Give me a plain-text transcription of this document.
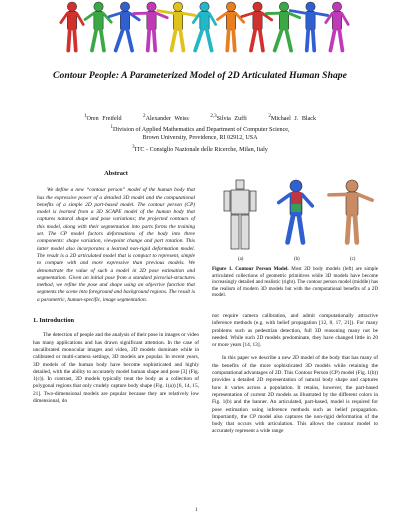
Contour People: A Parameterized Model of 2D Articulated Human Shape
$^1$Oren Freifeld $^2$Alexander Weiss $^{2,3}$Silvia Zuffi $^2$Michael J. Black
$^1$Division of Applied Mathematics and Department of Computer Science,
Brown University, Providence, RI 02912, USA
$^3$ITC - Consiglio Nazionale delle Ricerche, Milan, Italy
Abstract

We define a new “contour person” model of the human body that has the expressive power of a detailed 3D model and the computational benefits of a simple 2D part-based model. The contour person (CP) model is learned from a 3D SCAPE model of the human body that captures natural shape and pose variations; the projected contours of this model, along with their segmentation into parts forms the training set. The CP model factors deformations of the body into three components: shape variation, viewpoint change and part rotation. This latter model also incorporates a learned non-rigid deformation model. The result is a 2D articulated model that is compact to represent, simple to compute with and more expressive than previous models. We demonstrate the value of such a model in 2D pose estimation and segmentation. Given an initial pose from a standard pictorial-structures method, we refine the pose and shape using an objective function that segments the scene into foreground and background regions. The result is a parametric, human-specific, image segmentation.

1. Introduction

The detection of people and the analysis of their pose in images or video has many applications and has drawn significant attention. In the case of uncalibrated monocular images and video, 2D models dominate while in calibrated or multi-camera settings, 3D models are popular. In recent years, 3D models of the human body have become sophisticated and highly detailed, with the ability to accurately model human shape and pose [3] (Fig. 1(c)). In contrast, 2D models typically treat the body as a collection of polygonal regions that only crudely capture body shape (Fig. 1(a)) [6, 14, 15, 21]. Two-dimensional models are popular because they are relatively low dimensional, do

(a)	(b)	(c)
Figure 1. Contour Person Model. Most 2D body models (left) are simple articulated collections of geometric primitives while 3D models have become increasingly detailed and realistic (right). The contour person model (middle) has the realism of modern 3D models but with the computational benefits of a 2D model.

not require camera calibration, and admit computationally attractive inference methods (e.g. with belief propagation [12, 8, 17, 21]). For many problems such as pedestrian detection, full 3D reasoning many not be needed. While such 2D models predominate, they have changed little in 20 or more years [14, 13].

In this paper we describe a new 2D model of the body that has many of the benefits of the more sophisticated 3D models while retaining the computational advantages of 2D. This Contour Person (CP) model (Fig. 1(b)) provides a detailed 2D representation of natural body shape and captures how it varies across a population. It retains, however, the part-based representation of current 2D models as illustrated by the different colors in Fig. 1(b) and the banner. An articulated, part-based, model is required for pose estimation using inference methods such as belief propagation. Importantly, the CP model also captures the non-rigid deformation of the body that occurs with articulation. This allows the contour model to accurately represent a wide range

1
